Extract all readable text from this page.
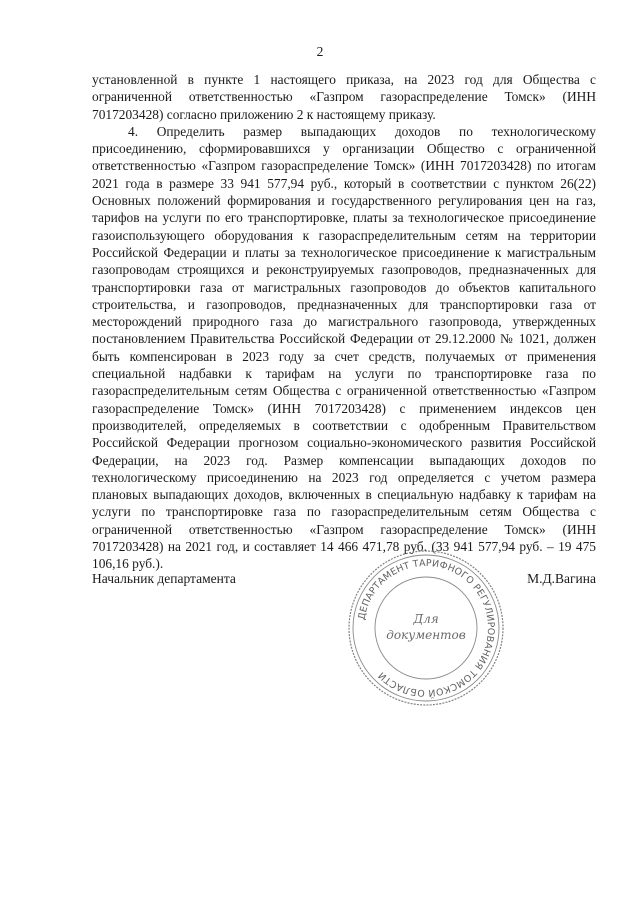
2

установленной в пункте 1 настоящего приказа, на 2023 год для Общества с ограниченной ответственностью «Газпром газораспределение Томск» (ИНН 7017203428) согласно приложению 2 к настоящему приказу.

4. Определить размер выпадающих доходов по технологическому присоединению, сформировавшихся у организации Общество с ограниченной ответственностью «Газпром газораспределение Томск» (ИНН 7017203428) по итогам 2021 года в размере 33 941 577,94 руб., который в соответствии с пунктом 26(22) Основных положений формирования и государственного регулирования цен на газ, тарифов на услуги по его транспортировке, платы за технологическое присоединение газоиспользующего оборудования к газораспределительным сетям на территории Российской Федерации и платы за технологическое присоединение к магистральным газопроводам строящихся и реконструируемых газопроводов, предназначенных для транспортировки газа от магистральных газопроводов до объектов капитального строительства, и газопроводов, предназначенных для транспортировки газа от месторождений природного газа до магистрального газопровода, утвержденных постановлением Правительства Российской Федерации от 29.12.2000 № 1021, должен быть компенсирован в 2023 году за счет средств, получаемых от применения специальной надбавки к тарифам на услуги по транспортировке газа по газораспределительным сетям Общества с ограниченной ответственностью «Газпром газораспределение Томск» (ИНН 7017203428) с применением индексов цен производителей, определяемых в соответствии с одобренным Правительством Российской Федерации прогнозом социально-экономического развития Российской Федерации, на 2023 год. Размер компенсации выпадающих доходов по технологическому присоединению на 2023 год определяется с учетом размера плановых выпадающих доходов, включенных в специальную надбавку к тарифам на услуги по транспортировке газа по газораспределительным сетям Общества с ограниченной ответственностью «Газпром газораспределение Томск» (ИНН 7017203428) на 2021 год, и составляет 14 466 471,78 руб. (33 941 577,94 руб. – 19 475 106,16 руб.).

Начальник департамента	М.Д.Вагина
ДЕПАРТАМЕНТ ТАРИФНОГО РЕГУЛИРОВАНИЯ ТОМСКОЙ ОБЛАСТИ
Для
документов
